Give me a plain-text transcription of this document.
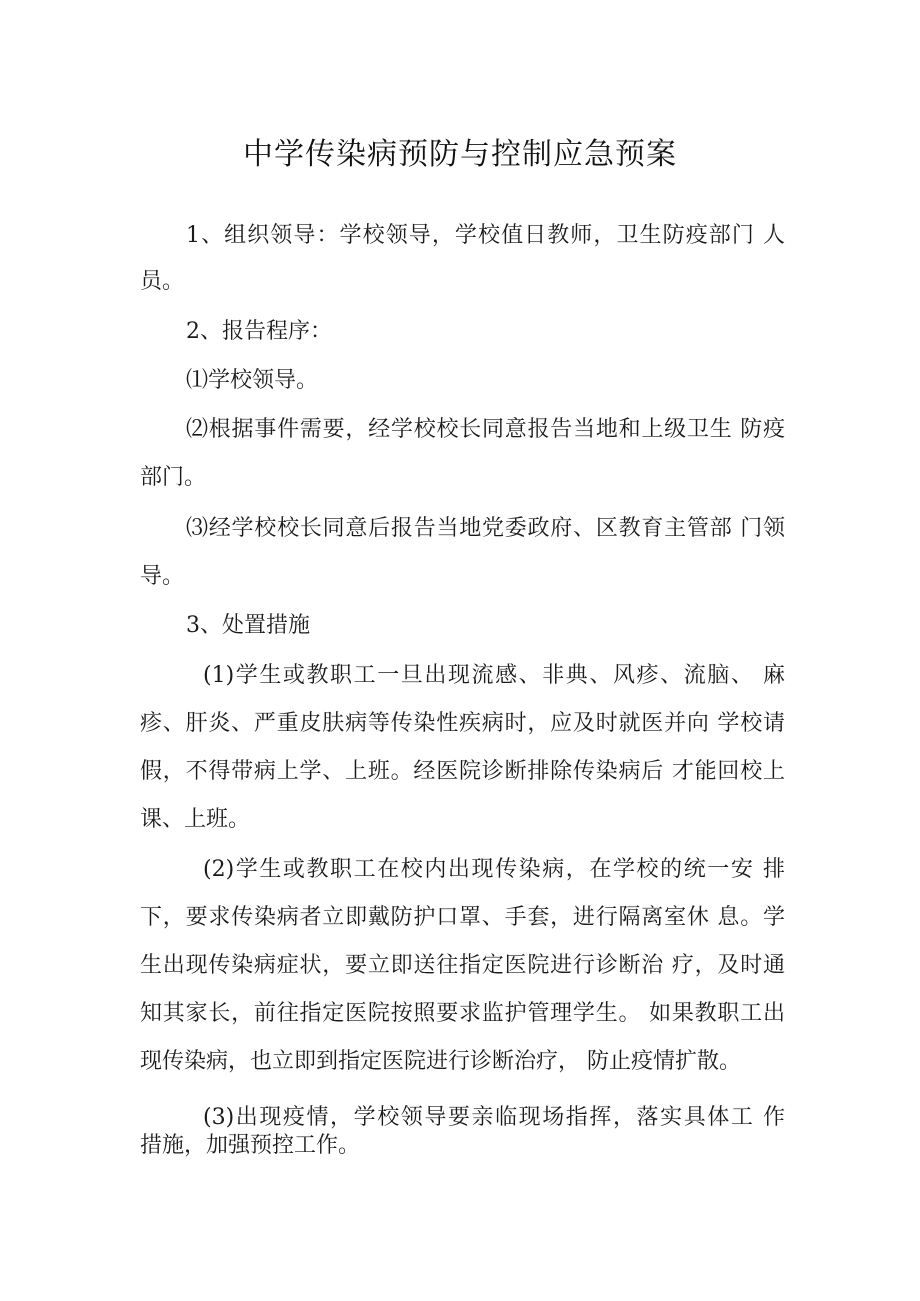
中学传染病预防与控制应急预案
1、组织领导：学校领导，学校值日教师，卫生防疫部门 人
员。
2、报告程序：
⑴学校领导。
⑵根据事件需要，经学校校长同意报告当地和上级卫生 防疫
部门。
⑶经学校校长同意后报告当地党委政府、区教育主管部 门领
导。
3、处置措施
(1)学生或教职工一旦出现流感、非典、风疹、流脑、 麻
疹、肝炎、严重皮肤病等传染性疾病时，应及时就医并向 学校请
假，不得带病上学、上班。经医院诊断排除传染病后 才能回校上
课、上班。
(2)学生或教职工在校内出现传染病，在学校的统一安 排
下，要求传染病者立即戴防护口罩、手套，进行隔离室休 息。学
生出现传染病症状，要立即送往指定医院进行诊断治 疗，及时通
知其家长，前往指定医院按照要求监护管理学生。 如果教职工出
现传染病，也立即到指定医院进行诊断治疗， 防止疫情扩散。
(3)出现疫情，学校领导要亲临现场指挥，落实具体工 作
措施，加强预控工作。
